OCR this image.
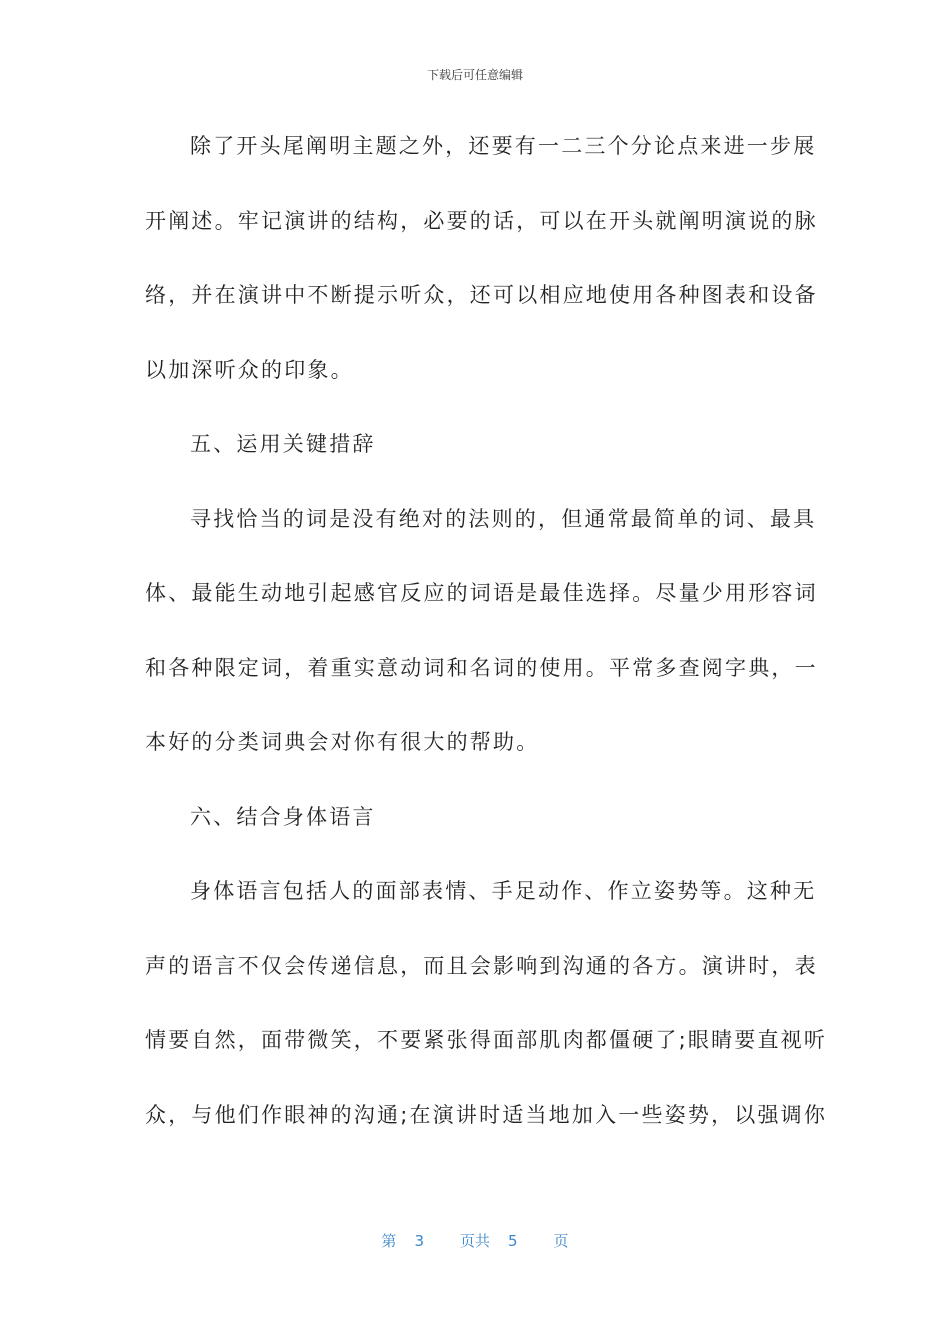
下载后可任意编辑
除了开头尾阐明主题之外，还要有一二三个分论点来进一步展
开阐述。牢记演讲的结构，必要的话，可以在开头就阐明演说的脉
络，并在演讲中不断提示听众，还可以相应地使用各种图表和设备
以加深听众的印象。
五、运用关键措辞
寻找恰当的词是没有绝对的法则的，但通常最简单的词、最具
体、最能生动地引起感官反应的词语是最佳选择。尽量少用形容词
和各种限定词，着重实意动词和名词的使用。平常多查阅字典，一
本好的分类词典会对你有很大的帮助。
六、结合身体语言
身体语言包括人的面部表情、手足动作、作立姿势等。这种无
声的语言不仅会传递信息，而且会影响到沟通的各方。演讲时，表
情要自然，面带微笑，不要紧张得面部肌肉都僵硬了;眼睛要直视听
众，与他们作眼神的沟通;在演讲时适当地加入一些姿势，以强调你
第 3 页共 5 页
